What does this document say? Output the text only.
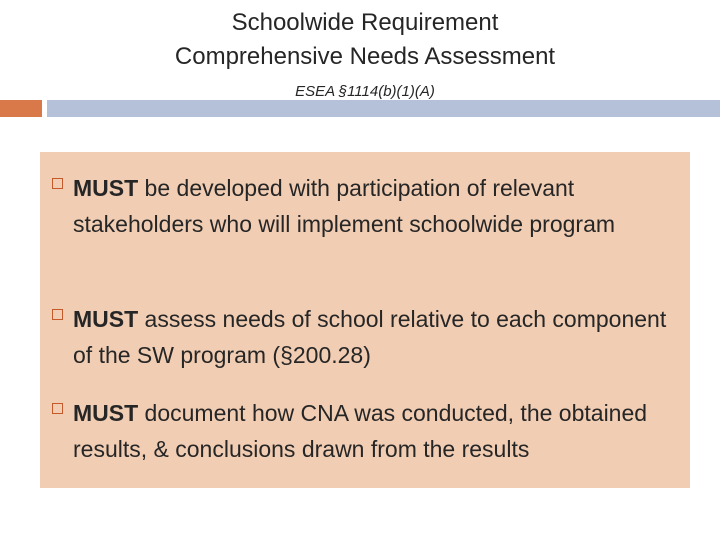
Schoolwide Requirement
Comprehensive Needs Assessment
ESEA §1114(b)(1)(A)
MUST be developed with participation of relevant stakeholders who will implement schoolwide program
MUST assess needs of school relative to each component of the SW program (§200.28)
MUST document how CNA was conducted, the obtained results, & conclusions drawn from the results
